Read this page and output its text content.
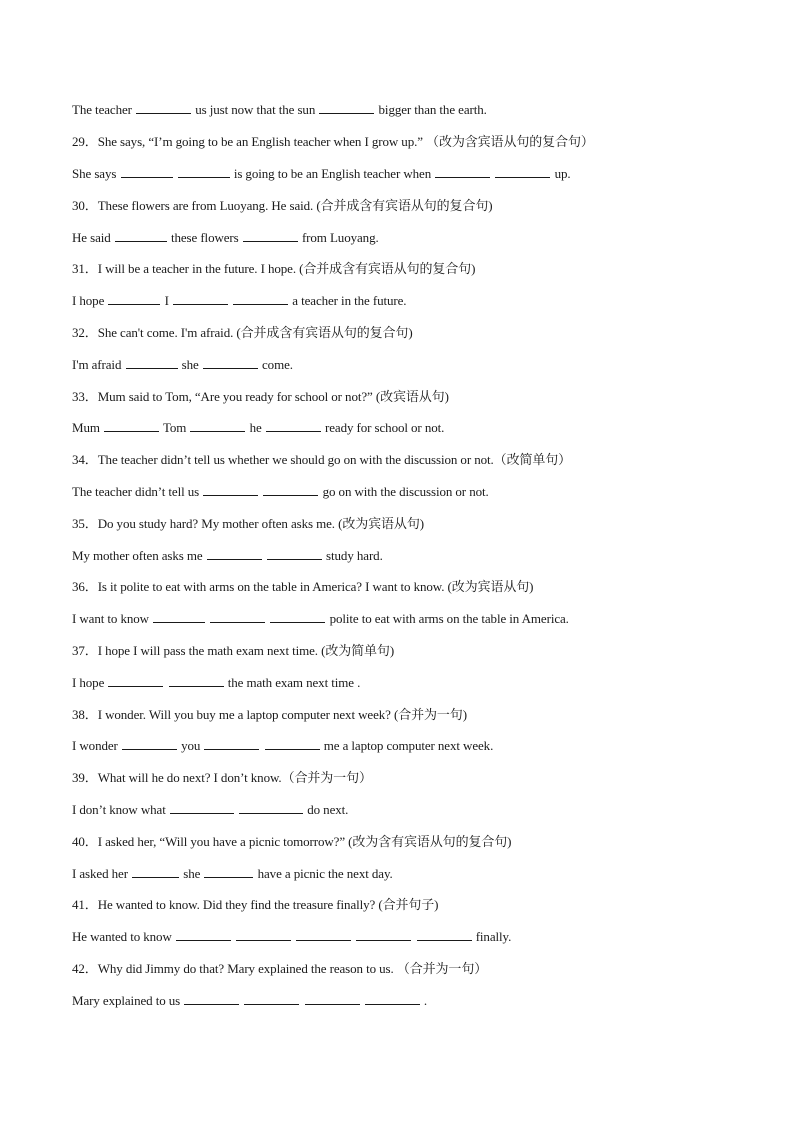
The teacher	us just now that the sun	bigger than the earth.
29．She says, “I’m going to be an English teacher when I grow up.” （改为含宾语从句的复合句）
She says	is going to be an English teacher when	up.
30．These flowers are from Luoyang. He said. (合并成含有宾语从句的复合句)
He said	these flowers	from Luoyang.
31．I will be a teacher in the future. I hope. (合并成含有宾语从句的复合句)
I hope	I	a teacher in the future.
32．She can't come. I'm afraid. (合并成含有宾语从句的复合句)
I'm afraid	she	come.
33．Mum said to Tom, “Are you ready for school or not?” (改宾语从句)
Mum	Tom	he	ready for school or not.
34．The teacher didn’t tell us whether we should go on with the discussion or not.（改简单句）
The teacher didn’t tell us	go on with the discussion or not.
35．Do you study hard? My mother often asks me. (改为宾语从句)
My mother often asks me	study hard.
36．Is it polite to eat with arms on the table in America? I want to know. (改为宾语从句)
I want to know	polite to eat with arms on the table in America.
37．I hope I will pass the math exam next time. (改为简单句)
I hope	the math exam next time .
38．I wonder. Will you buy me a laptop computer next week? (合并为一句)
I wonder	you	me a laptop computer next week.
39．What will he do next? I don’t know.（合并为一句）
I don’t know what	do next.
40．I asked her, “Will you have a picnic tomorrow?” (改为含有宾语从句的复合句)
I asked her	she	have a picnic the next day.
41．He wanted to know. Did they find the treasure finally? (合并句子)
He wanted to know	finally.
42．Why did Jimmy do that? Mary explained the reason to us. （合并为一句）
Mary explained to us	.
